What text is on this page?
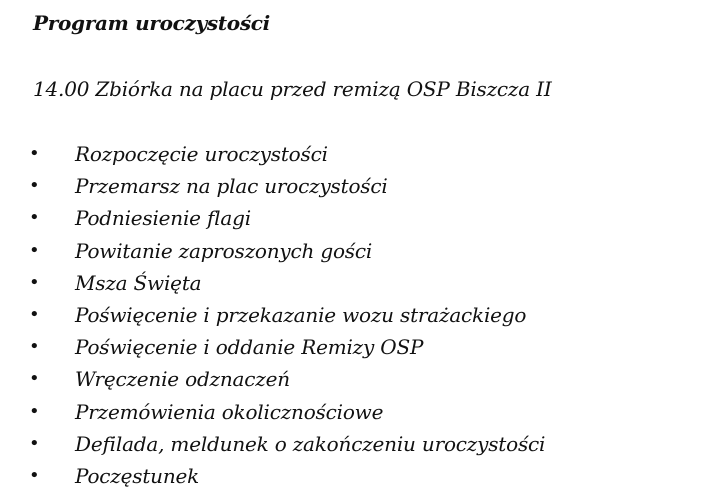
Program uroczystości
14.00 Zbiórka na placu przed remizą OSP Biszcza II
• Rozpoczęcie uroczystości
• Przemarsz na plac uroczystości
• Podniesienie flagi
• Powitanie zaproszonych gości
• Msza Święta
• Poświęcenie i przekazanie wozu strażackiego
• Poświęcenie i oddanie Remizy OSP
• Wręczenie odznaczeń
• Przemówienia okolicznościowe
• Defilada, meldunek o zakończeniu uroczystości
• Poczęstunek
